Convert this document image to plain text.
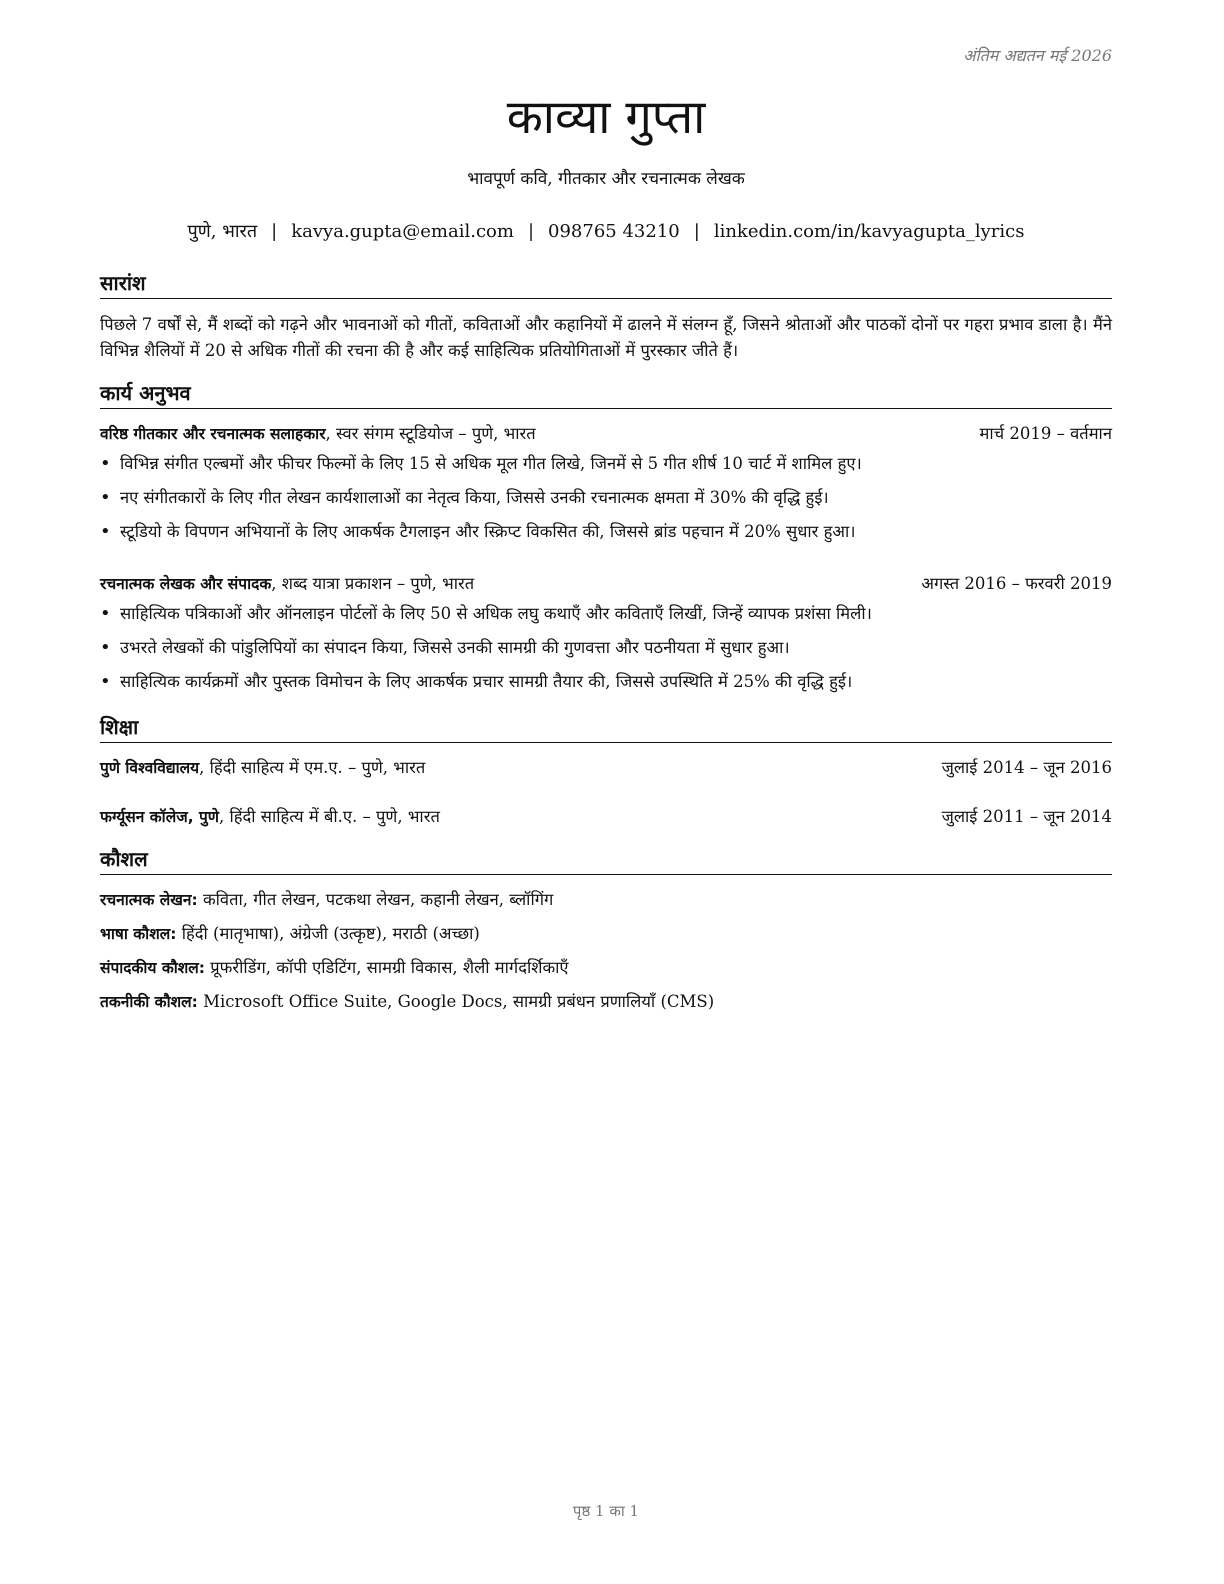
अंतिम अद्यतन मई 2026
काव्या गुप्ता
भावपूर्ण कवि, गीतकार और रचनात्मक लेखक
पुणे, भारत | kavya.gupta@email.com | 098765 43210 | linkedin.com/in/kavyagupta_lyrics
सारांश
पिछले 7 वर्षों से, मैं शब्दों को गढ़ने और भावनाओं को गीतों, कविताओं और कहानियों में ढालने में संलग्न हूँ, जिसने श्रोताओं और पाठकों दोनों पर गहरा प्रभाव डाला है। मैंने विभिन्न शैलियों में 20 से अधिक गीतों की रचना की है और कई साहित्यिक प्रतियोगिताओं में पुरस्कार जीते हैं।
कार्य अनुभव
वरिष्ठ गीतकार और रचनात्मक सलाहकार, स्वर संगम स्टूडियोज – पुणे, भारत	मार्च 2019 – वर्तमान
• विभिन्न संगीत एल्बमों और फीचर फिल्मों के लिए 15 से अधिक मूल गीत लिखे, जिनमें से 5 गीत शीर्ष 10 चार्ट में शामिल हुए।
• नए संगीतकारों के लिए गीत लेखन कार्यशालाओं का नेतृत्व किया, जिससे उनकी रचनात्मक क्षमता में 30% की वृद्धि हुई।
• स्टूडियो के विपणन अभियानों के लिए आकर्षक टैगलाइन और स्क्रिप्ट विकसित की, जिससे ब्रांड पहचान में 20% सुधार हुआ।
रचनात्मक लेखक और संपादक, शब्द यात्रा प्रकाशन – पुणे, भारत	अगस्त 2016 – फरवरी 2019
• साहित्यिक पत्रिकाओं और ऑनलाइन पोर्टलों के लिए 50 से अधिक लघु कथाएँ और कविताएँ लिखीं, जिन्हें व्यापक प्रशंसा मिली।
• उभरते लेखकों की पांडुलिपियों का संपादन किया, जिससे उनकी सामग्री की गुणवत्ता और पठनीयता में सुधार हुआ।
• साहित्यिक कार्यक्रमों और पुस्तक विमोचन के लिए आकर्षक प्रचार सामग्री तैयार की, जिससे उपस्थिति में 25% की वृद्धि हुई।
शिक्षा
पुणे विश्वविद्यालय, हिंदी साहित्य में एम.ए. – पुणे, भारत	जुलाई 2014 – जून 2016
फर्ग्यूसन कॉलेज, पुणे, हिंदी साहित्य में बी.ए. – पुणे, भारत	जुलाई 2011 – जून 2014
कौशल
रचनात्मक लेखन: कविता, गीत लेखन, पटकथा लेखन, कहानी लेखन, ब्लॉगिंग
भाषा कौशल: हिंदी (मातृभाषा), अंग्रेजी (उत्कृष्ट), मराठी (अच्छा)
संपादकीय कौशल: प्रूफरीडिंग, कॉपी एडिटिंग, सामग्री विकास, शैली मार्गदर्शिकाएँ
तकनीकी कौशल: Microsoft Office Suite, Google Docs, सामग्री प्रबंधन प्रणालियाँ (CMS)
पृष्ठ 1 का 1
